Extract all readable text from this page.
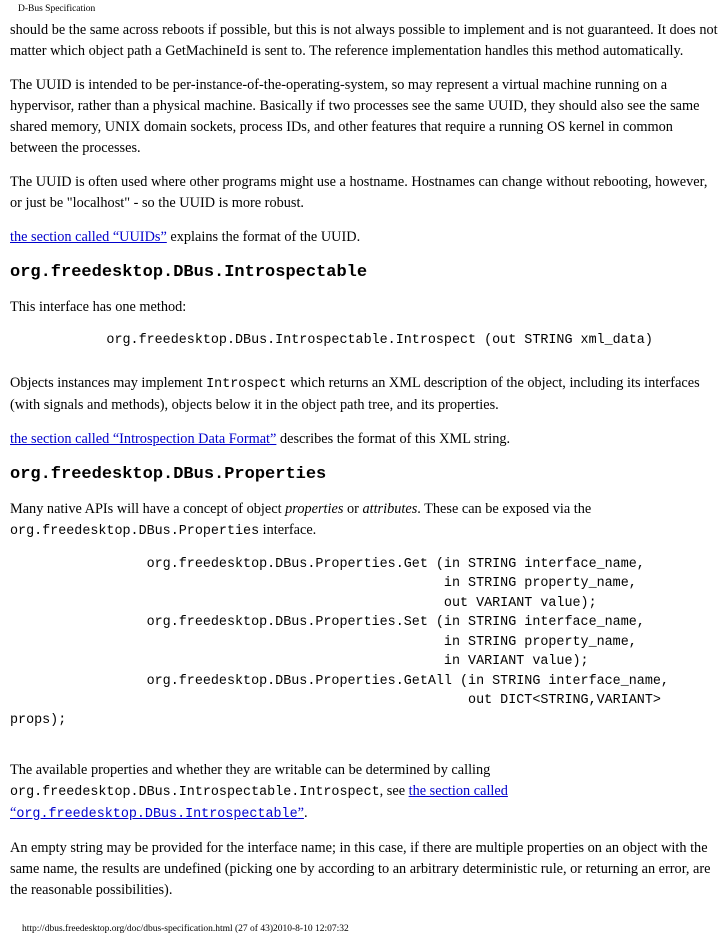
D-Bus Specification

should be the same across reboots if possible, but this is not always possible to implement and is not guaranteed. It does not matter which object path a GetMachineId is sent to. The reference implementation handles this method automatically.

The UUID is intended to be per-instance-of-the-operating-system, so may represent a virtual machine running on a hypervisor, rather than a physical machine. Basically if two processes see the same UUID, they should also see the same shared memory, UNIX domain sockets, process IDs, and other features that require a running OS kernel in common between the processes.

The UUID is often used where other programs might use a hostname. Hostnames can change without rebooting, however, or just be "localhost" - so the UUID is more robust.

the section called “UUIDs” explains the format of the UUID.

org.freedesktop.DBus.Introspectable

This interface has one method:

org.freedesktop.DBus.Introspectable.Introspect (out STRING xml_data)

Objects instances may implement Introspect which returns an XML description of the object, including its interfaces (with signals and methods), objects below it in the object path tree, and its properties.

the section called “Introspection Data Format” describes the format of this XML string.

org.freedesktop.DBus.Properties

Many native APIs will have a concept of object properties or attributes. These can be exposed via the org.freedesktop.DBus.Properties interface.

org.freedesktop.DBus.Properties.Get (in STRING interface_name,
in STRING property_name,
out VARIANT value);
org.freedesktop.DBus.Properties.Set (in STRING interface_name,
in STRING property_name,
in VARIANT value);
org.freedesktop.DBus.Properties.GetAll (in STRING interface_name,
out DICT<STRING,VARIANT>
props);

The available properties and whether they are writable can be determined by calling org.freedesktop.DBus.Introspectable.Introspect, see the section called “org.freedesktop.DBus.Introspectable”.

An empty string may be provided for the interface name; in this case, if there are multiple properties on an object with the same name, the results are undefined (picking one by according to an arbitrary deterministic rule, or returning an error, are the reasonable possibilities).

http://dbus.freedesktop.org/doc/dbus-specification.html (27 of 43)2010-8-10 12:07:32
